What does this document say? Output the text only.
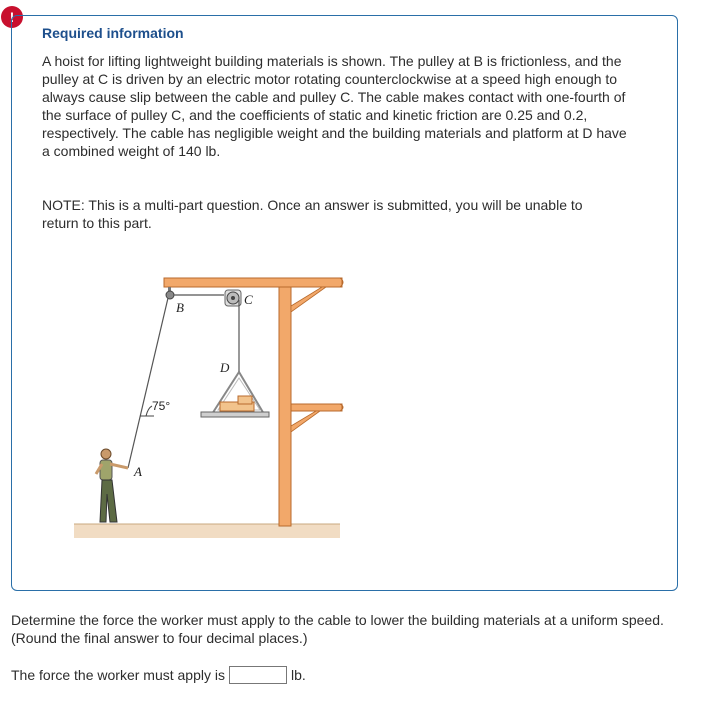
!
Required information

A hoist for lifting lightweight building materials is shown. The pulley at B is frictionless, and the pulley at C is driven by an electric motor rotating counterclockwise at a speed high enough to always cause slip between the cable and pulley C. The cable makes contact with one-fourth of the surface of pulley C, and the coefficients of static and kinetic friction are 0.25 and 0.2, respectively. The cable has negligible weight and the building materials and platform at D have a combined weight of 140 lb.

NOTE: This is a multi-part question. Once an answer is submitted, you will be unable to return to this part.

B
C
D
75°
A

Determine the force the worker must apply to the cable to lower the building materials at a uniform speed. (Round the final answer to four decimal places.)

The force the worker must apply is	lb.
